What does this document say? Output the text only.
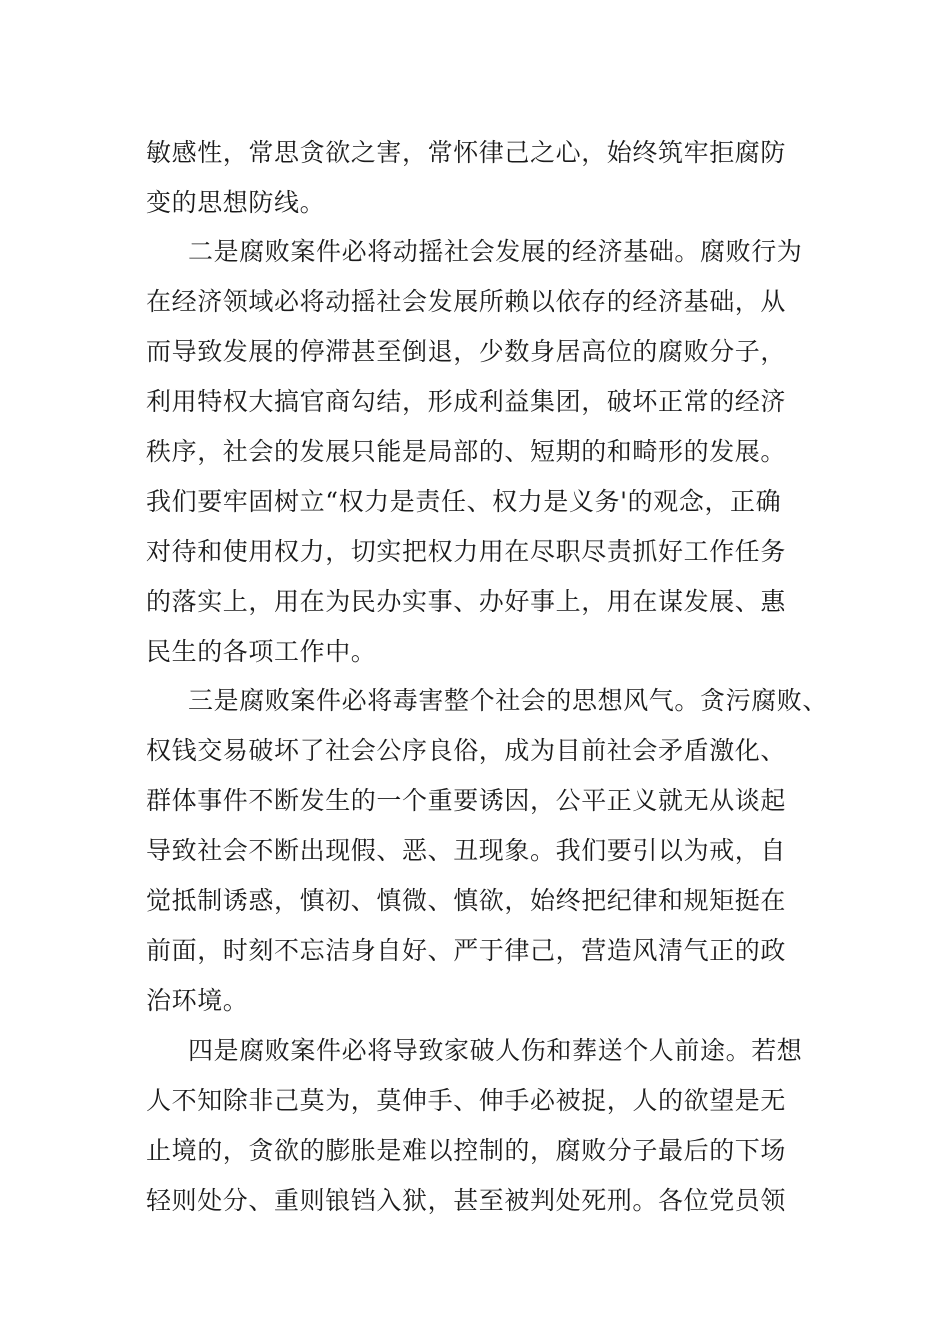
敏感性，常思贪欲之害，常怀律己之心，始终筑牢拒腐防
变的思想防线。
二是腐败案件必将动摇社会发展的经济基础。腐败行为
在经济领域必将动摇社会发展所赖以依存的经济基础，从
而导致发展的停滞甚至倒退，少数身居高位的腐败分子，
利用特权大搞官商勾结，形成利益集团，破坏正常的经济
秩序，社会的发展只能是局部的、短期的和畸形的发展。
我们要牢固树立“权力是责任、权力是义务'的观念，正确
对待和使用权力，切实把权力用在尽职尽责抓好工作任务
的落实上，用在为民办实事、办好事上，用在谋发展、惠
民生的各项工作中。
三是腐败案件必将毒害整个社会的思想风气。贪污腐败、
权钱交易破坏了社会公序良俗，成为目前社会矛盾激化、
群体事件不断发生的一个重要诱因，公平正义就无从谈起
导致社会不断出现假、恶、丑现象。我们要引以为戒，自
觉抵制诱惑，慎初、慎微、慎欲，始终把纪律和规矩挺在
前面，时刻不忘洁身自好、严于律己，营造风清气正的政
治环境。
四是腐败案件必将导致家破人伤和葬送个人前途。若想
人不知除非己莫为，莫伸手、伸手必被捉，人的欲望是无
止境的，贪欲的膨胀是难以控制的，腐败分子最后的下场
轻则处分、重则锒铛入狱，甚至被判处死刑。各位党员领
